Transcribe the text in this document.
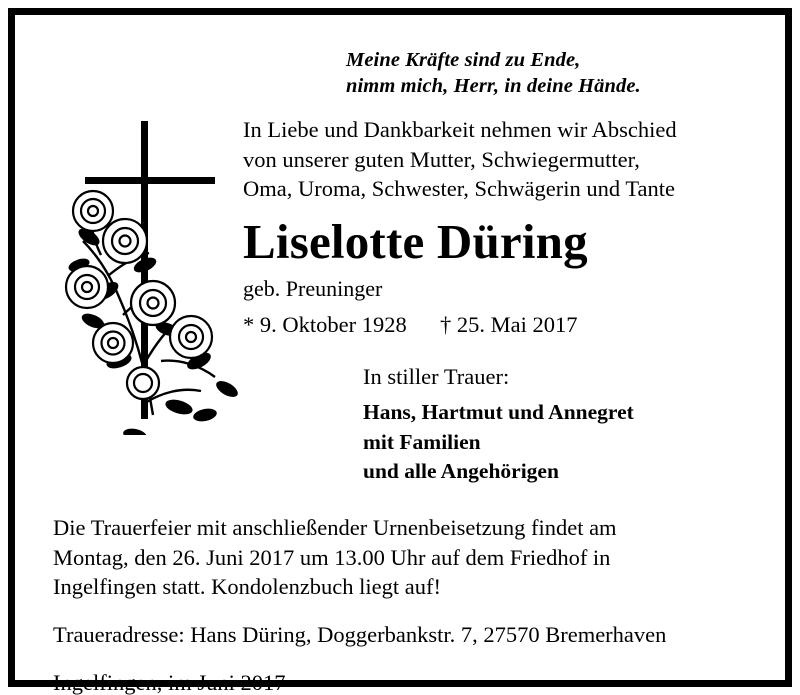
Meine Kräfte sind zu Ende,
nimm mich, Herr, in deine Hände.
In Liebe und Dankbarkeit nehmen wir Abschied
von unserer guten Mutter, Schwiegermutter,
Oma, Uroma, Schwester, Schwägerin und Tante
Liselotte Düring
geb. Preuninger
* 9. Oktober 1928 † 25. Mai 2017
In stiller Trauer:
Hans, Hartmut und Annegret
mit Familien
und alle Angehörigen
Die Trauerfeier mit anschließender Urnenbeisetzung findet am
Montag, den 26. Juni 2017 um 13.00 Uhr auf dem Friedhof in
Ingelfingen statt. Kondolenzbuch liegt auf!
Traueradresse: Hans Düring, Doggerbankstr. 7, 27570 Bremerhaven
Ingelfingen, im Juni 2017
